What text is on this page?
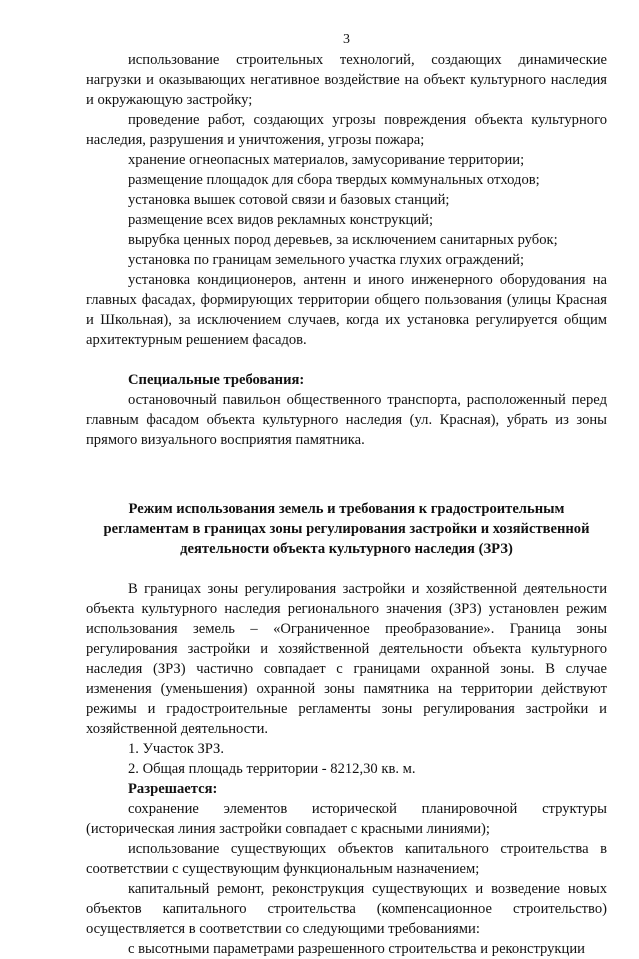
3

использование строительных технологий, создающих динамические нагрузки и оказывающих негативное воздействие на объект культурного наследия и окружающую застройку;

проведение работ, создающих угрозы повреждения объекта культурного наследия, разрушения и уничтожения, угрозы пожара;

хранение огнеопасных материалов, замусоривание территории;

размещение площадок для сбора твердых коммунальных отходов;

установка вышек сотовой связи и базовых станций;

размещение всех видов рекламных конструкций;

вырубка ценных пород деревьев, за исключением санитарных рубок;

установка по границам земельного участка глухих ограждений;

установка кондиционеров, антенн и иного инженерного оборудования на главных фасадах, формирующих территории общего пользования (улицы Красная и Школьная), за исключением случаев, когда их установка регулируется общим архитектурным решением фасадов.

Специальные требования:

остановочный павильон общественного транспорта, расположенный перед главным фасадом объекта культурного наследия (ул. Красная), убрать из зоны прямого визуального восприятия памятника.

Режим использования земель и требования к градостроительным регламентам в границах зоны регулирования застройки и хозяйственной деятельности объекта культурного наследия (ЗРЗ)

В границах зоны регулирования застройки и хозяйственной деятельности объекта культурного наследия регионального значения (ЗРЗ) установлен режим использования земель – «Ограниченное преобразование». Граница зоны регулирования застройки и хозяйственной деятельности объекта культурного наследия (ЗРЗ) частично совпадает с границами охранной зоны. В случае изменения (уменьшения) охранной зоны памятника на территории действуют режимы и градостроительные регламенты зоны регулирования застройки и хозяйственной деятельности.

1. Участок ЗРЗ.

2. Общая площадь территории - 8212,30 кв. м.

Разрешается:

сохранение элементов исторической планировочной структуры (историческая линия застройки совпадает с красными линиями);

использование существующих объектов капитального строительства в соответствии с существующим функциональным назначением;

капитальный ремонт, реконструкция существующих и возведение новых объектов капитального строительства (компенсационное строительство) осуществляется в соответствии со следующими требованиями:

с высотными параметрами разрешенного строительства и реконструкции
